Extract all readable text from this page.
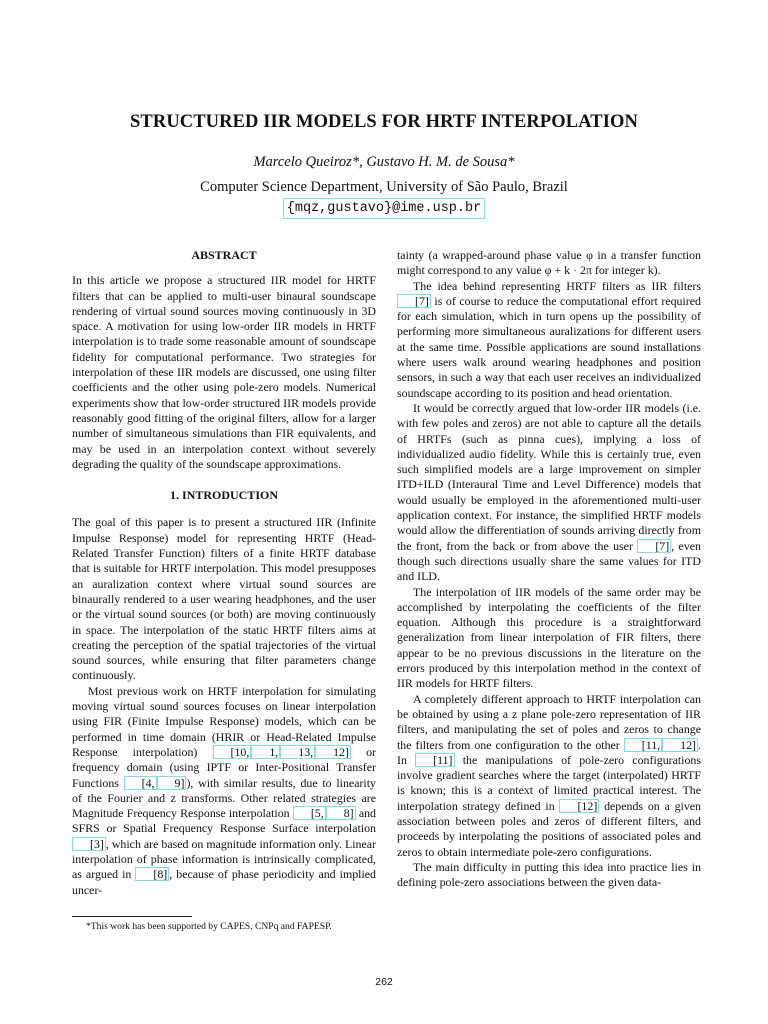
STRUCTURED IIR MODELS FOR HRTF INTERPOLATION
Marcelo Queiroz*, Gustavo H. M. de Sousa*
Computer Science Department, University of São Paulo, Brazil
{mqz,gustavo}@ime.usp.br
ABSTRACT

In this article we propose a structured IIR model for HRTF filters that can be applied to multi-user binaural soundscape rendering of virtual sound sources moving continuously in 3D space. A motivation for using low-order IIR models in HRTF interpolation is to trade some reasonable amount of soundscape fidelity for computational performance. Two strategies for interpolation of these IIR models are discussed, one using filter coefficients and the other using pole-zero models. Numerical experiments show that low-order structured IIR models provide reasonably good fitting of the original filters, allow for a larger number of simultaneous simulations than FIR equivalents, and may be used in an interpolation context without severely degrading the quality of the soundscape approximations.

1. INTRODUCTION

The goal of this paper is to present a structured IIR (Infinite Impulse Response) model for representing HRTF (Head-Related Transfer Function) filters of a finite HRTF database that is suitable for HRTF interpolation. This model presupposes an auralization context where virtual sound sources are binaurally rendered to a user wearing headphones, and the user or the virtual sound sources (or both) are moving continuously in space. The interpolation of the static HRTF filters aims at creating the perception of the spatial trajectories of the virtual sound sources, while ensuring that filter parameters change continuously.

Most previous work on HRTF interpolation for simulating moving virtual sound sources focuses on linear interpolation using FIR (Finite Impulse Response) models, which can be performed in time domain (HRIR or Head-Related Impulse Response interpolation) [10, 1, 13, 12] or frequency domain (using IPTF or Inter-Positional Transfer Functions [4, 9] ), with similar results, due to linearity of the Fourier and z transforms. Other related strategies are Magnitude Frequency Response interpolation [5, 8] and SFRS or Spatial Frequency Response Surface interpolation [3] , which are based on magnitude information only. Linear interpolation of phase information is intrinsically complicated, as argued in [8] , because of phase periodicity and implied uncer-

tainty (a wrapped-around phase value φ in a transfer function might correspond to any value φ + k · 2π for integer k).

The idea behind representing HRTF filters as IIR filters [7] is of course to reduce the computational effort required for each simulation, which in turn opens up the possibility of performing more simultaneous auralizations for different users at the same time. Possible applications are sound installations where users walk around wearing headphones and position sensors, in such a way that each user receives an individualized soundscape according to its position and head orientation.

It would be correctly argued that low-order IIR models (i.e. with few poles and zeros) are not able to capture all the details of HRTFs (such as pinna cues), implying a loss of individualized audio fidelity. While this is certainly true, even such simplified models are a large improvement on simpler ITD+ILD (Interaural Time and Level Difference) models that would usually be employed in the aforementioned multi-user application context. For instance, the simplified HRTF models would allow the differentiation of sounds arriving directly from the front, from the back or from above the user [7] , even though such directions usually share the same values for ITD and ILD.

The interpolation of IIR models of the same order may be accomplished by interpolating the coefficients of the filter equation. Although this procedure is a straightforward generalization from linear interpolation of FIR filters, there appear to be no previous discussions in the literature on the errors produced by this interpolation method in the context of IIR models for HRTF filters.

A completely different approach to HRTF interpolation can be obtained by using a z plane pole-zero representation of IIR filters, and manipulating the set of poles and zeros to change the filters from one configuration to the other [11, 12] . In [11] the manipulations of pole-zero configurations involve gradient searches where the target (interpolated) HRTF is known; this is a context of limited practical interest. The interpolation strategy defined in [12] depends on a given association between poles and zeros of different filters, and proceeds by interpolating the positions of associated poles and zeros to obtain intermediate pole-zero configurations.

The main difficulty in putting this idea into practice lies in defining pole-zero associations between the given data-

*This work has been supported by CAPES, CNPq and FAPESP.
262
